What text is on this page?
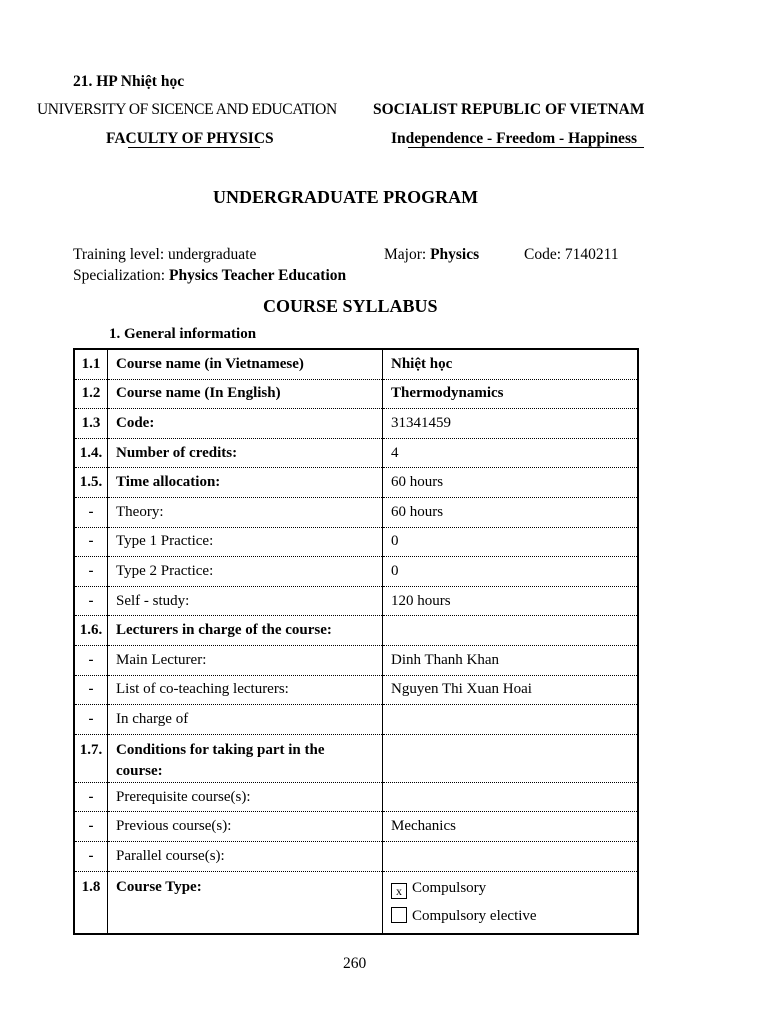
21. HP Nhiệt học
UNIVERSITY OF SICENCE AND EDUCATION SOCIALIST REPUBLIC OF VIETNAM
FACULTY OF PHYSICS	Independence - Freedom - Happiness
UNDERGRADUATE PROGRAM
Training level: undergraduate	Major: Physics	Code: 7140211
Specialization: Physics Teacher Education
COURSE SYLLABUS
1. General information
1.1	Course name (in Vietnamese)	Nhiệt học
1.2	Course name (In English)	Thermodynamics
1.3	Code:	31341459
1.4.	Number of credits:	4
1.5.	Time allocation:	60 hours
-	Theory:	60 hours
-	Type 1 Practice:	0
-	Type 2 Practice:	0
-	Self - study:	120 hours
1.6.	Lecturers in charge of the course:	
-	Main Lecturer:	Dinh Thanh Khan
-	List of co-teaching lecturers:	Nguyen Thi Xuan Hoai
-	In charge of	
1.7.	Conditions for taking part in the course:	
-	Prerequisite course(s):	
-	Previous course(s):	Mechanics
-	Parallel course(s):	
1.8	Course Type:	x Compulsory
Compulsory elective
260
